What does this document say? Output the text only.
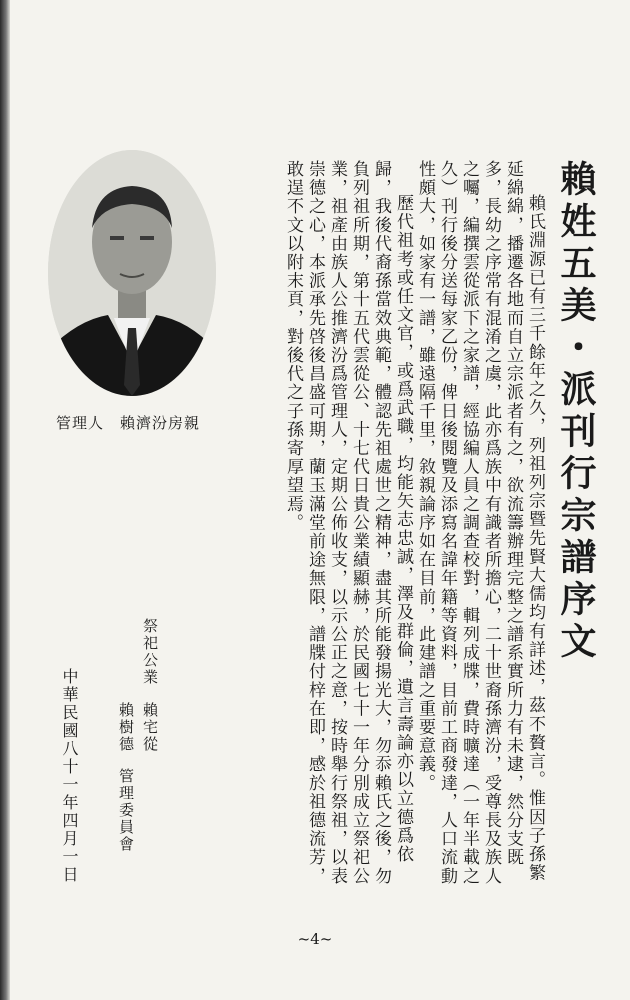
賴姓五美・派刊行宗譜序文

賴氏淵源已有三千餘年之久，列祖列宗暨先賢大儒均有詳述，茲不贅言。惟因子孫繁延綿綿，播遷各地而自立宗派者有之，欲流籌辦理完整之譜系實所力有未逮，然分支既多，長幼之序常有混淆之虞，此亦爲族中有識者所擔心，二十世裔孫濟汾，受尊長及族人之囑，編撰雲從派下之家譜，經協編人員之調查校對，輯列成牒，費時曠達（一年半載之久）刊行後分送每家乙份，俾日後閱覽及添寫名諱年籍等資料，目前工商發達，人口流動性頗大，如家有一譜，雖遠隔千里，敘親論序如在目前，此建譜之重要意義。

歷代祖考或任文官，或爲武職，均能矢志忠誠，澤及群倫，遺言壽論亦以立德爲依歸，我後代裔孫當效典範，體認先祖處世之精神，盡其所能發揚光大，勿忝賴氏之後，勿負列祖所期，第十五代雲從公、十七代日貴公業績顯赫，於民國七十一年分別成立祭祀公業，祖產由族人公推濟汾爲管理人，定期公佈收支，以示公正之意，按時舉行祭祖，以表崇德之心，本派承先啓後昌盛可期，蘭玉滿堂前途無限，譜牒付梓在即，感於祖德流芳，敢逞不文以附末頁，對後代之子孫寄厚望焉。

管理人　賴濟汾房親
祭祀公業
賴宅從
賴樹德
管理委員會
中華民國八十一年四月一日
~4~
